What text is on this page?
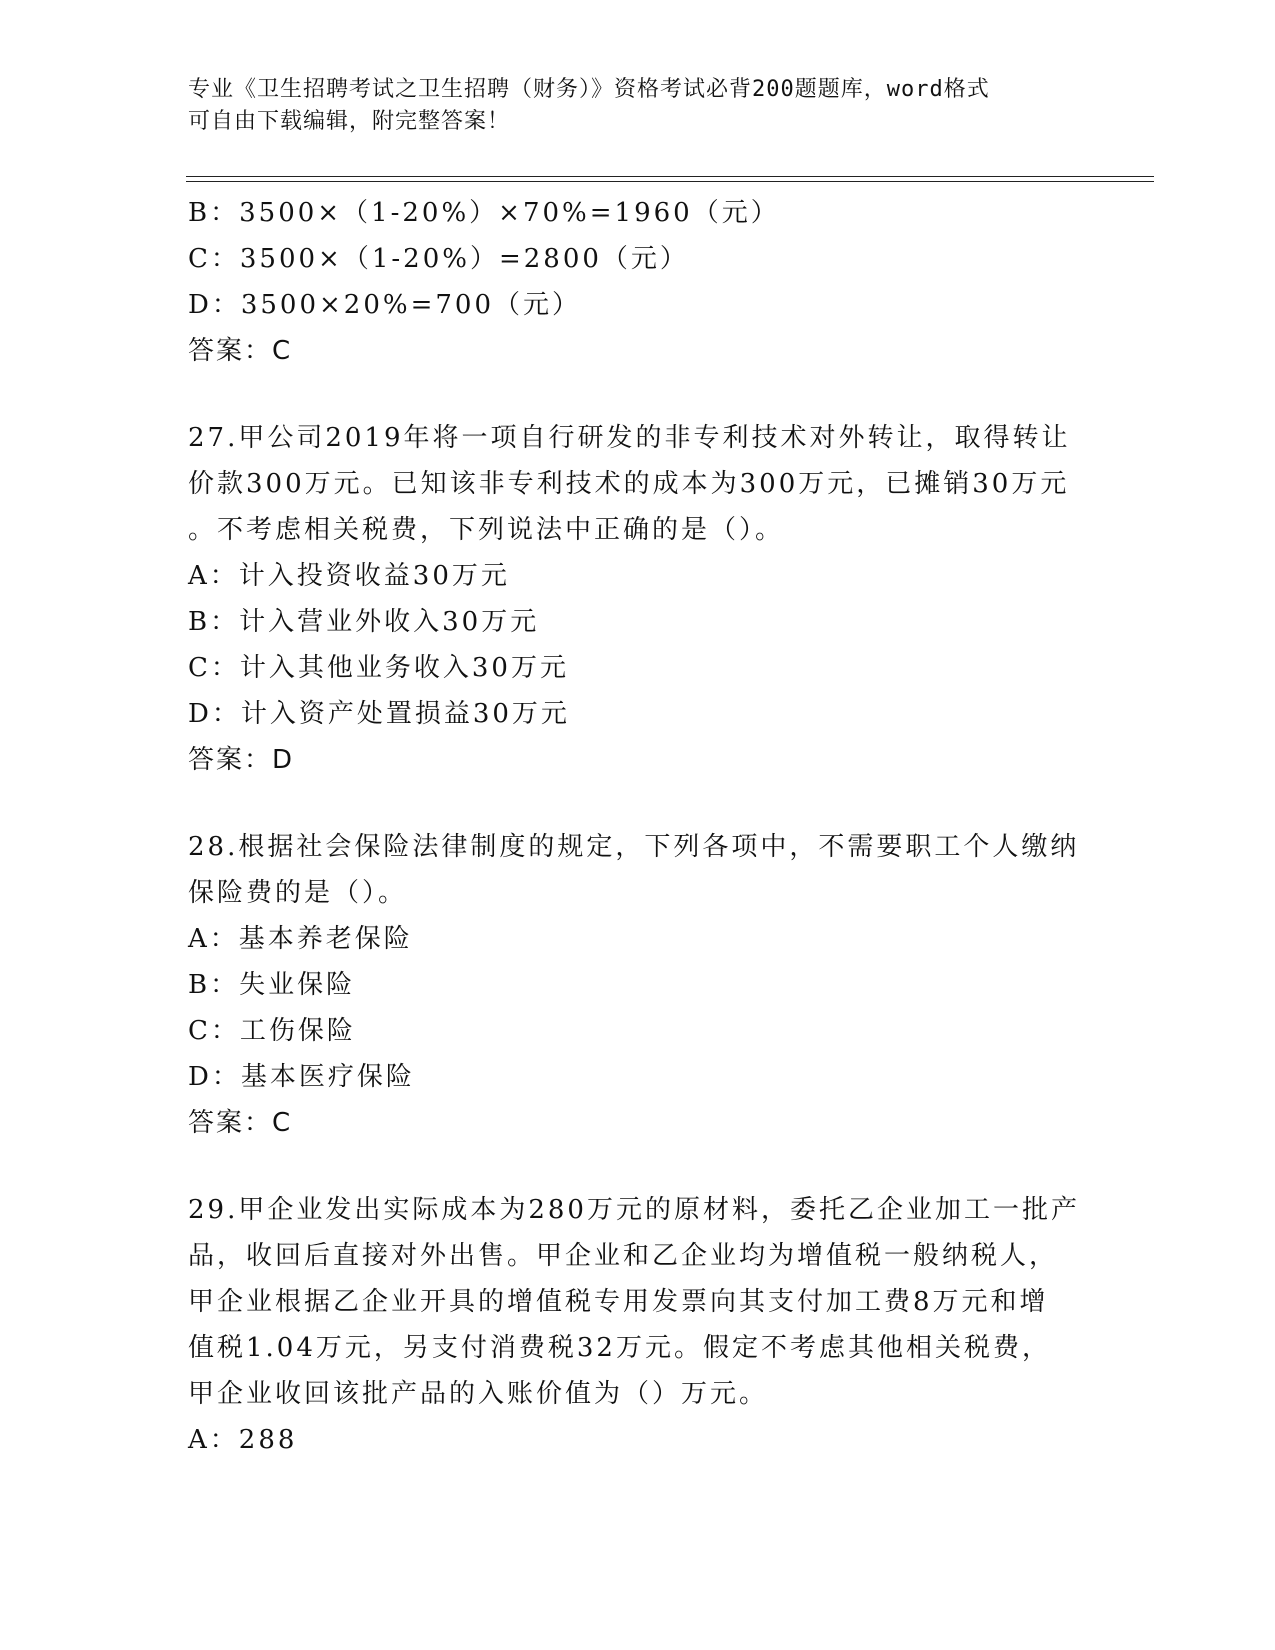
专业《卫生招聘考试之卫生招聘（财务）》资格考试必背200题题库，word格式
可自由下载编辑，附完整答案！
B：3500×（1-20%）×70%=1960（元）
C：3500×（1-20%）=2800（元）
D：3500×20%=700（元）
答案：C
27.甲公司2019年将一项自行研发的非专利技术对外转让，取得转让
价款300万元。已知该非专利技术的成本为300万元，已摊销30万元
。不考虑相关税费，下列说法中正确的是（）。
A：计入投资收益30万元
B：计入营业外收入30万元
C：计入其他业务收入30万元
D：计入资产处置损益30万元
答案：D
28.根据社会保险法律制度的规定，下列各项中，不需要职工个人缴纳
保险费的是（）。
A：基本养老保险
B：失业保险
C：工伤保险
D：基本医疗保险
答案：C
29.甲企业发出实际成本为280万元的原材料，委托乙企业加工一批产
品，收回后直接对外出售。甲企业和乙企业均为增值税一般纳税人，
甲企业根据乙企业开具的增值税专用发票向其支付加工费8万元和增
值税1.04万元，另支付消费税32万元。假定不考虑其他相关税费，
甲企业收回该批产品的入账价值为（）万元。
A：288
